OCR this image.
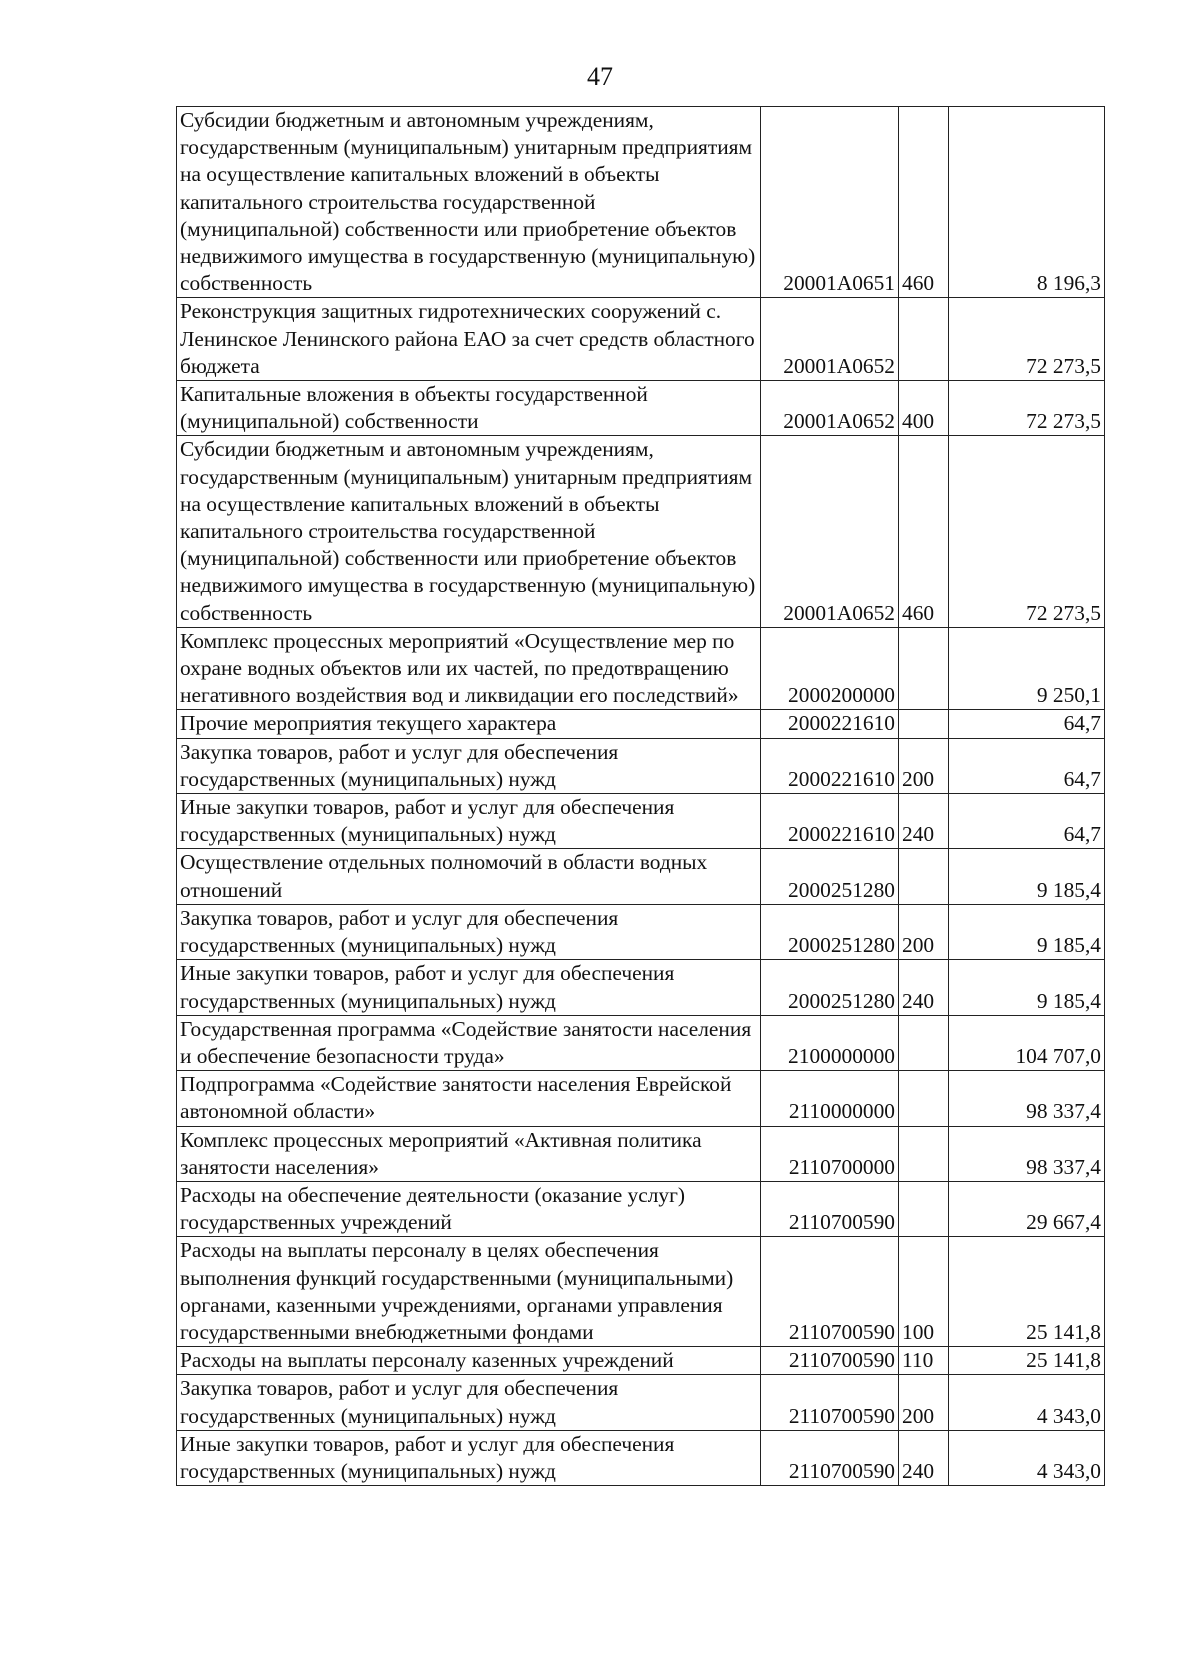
47
Субсидии бюджетным и автономным учреждениям, государственным (муниципальным) унитарным предприятиям на осуществление капитальных вложений в объекты капитального строительства государственной (муниципальной) собственности или приобретение объектов недвижимого имущества в государственную (муниципальную) собственность	20001A0651	460	8 196,3
Реконструкция защитных гидротехнических сооружений с. Ленинское Ленинского района ЕАО за счет средств областного бюджета	20001A0652		72 273,5
Капитальные вложения в объекты государственной (муниципальной) собственности	20001A0652	400	72 273,5
Субсидии бюджетным и автономным учреждениям, государственным (муниципальным) унитарным предприятиям на осуществление капитальных вложений в объекты капитального строительства государственной (муниципальной) собственности или приобретение объектов недвижимого имущества в государственную (муниципальную) собственность	20001A0652	460	72 273,5
Комплекс процессных мероприятий «Осуществление мер по охране водных объектов или их частей, по предотвращению негативного воздействия вод и ликвидации его последствий»	2000200000		9 250,1
Прочие мероприятия текущего характера	2000221610		64,7
Закупка товаров, работ и услуг для обеспечения государственных (муниципальных) нужд	2000221610	200	64,7
Иные закупки товаров, работ и услуг для обеспечения государственных (муниципальных) нужд	2000221610	240	64,7
Осуществление отдельных полномочий в области водных отношений	2000251280		9 185,4
Закупка товаров, работ и услуг для обеспечения государственных (муниципальных) нужд	2000251280	200	9 185,4
Иные закупки товаров, работ и услуг для обеспечения государственных (муниципальных) нужд	2000251280	240	9 185,4
Государственная программа «Содействие занятости населения и обеспечение безопасности труда»	2100000000		104 707,0
Подпрограмма «Содействие занятости населения Еврейской автономной области»	2110000000		98 337,4
Комплекс процессных мероприятий «Активная политика занятости населения»	2110700000		98 337,4
Расходы на обеспечение деятельности (оказание услуг) государственных учреждений	2110700590		29 667,4
Расходы на выплаты персоналу в целях обеспечения выполнения функций государственными (муниципальными) органами, казенными учреждениями, органами управления государственными внебюджетными фондами	2110700590	100	25 141,8
Расходы на выплаты персоналу казенных учреждений	2110700590	110	25 141,8
Закупка товаров, работ и услуг для обеспечения государственных (муниципальных) нужд	2110700590	200	4 343,0
Иные закупки товаров, работ и услуг для обеспечения государственных (муниципальных) нужд	2110700590	240	4 343,0
